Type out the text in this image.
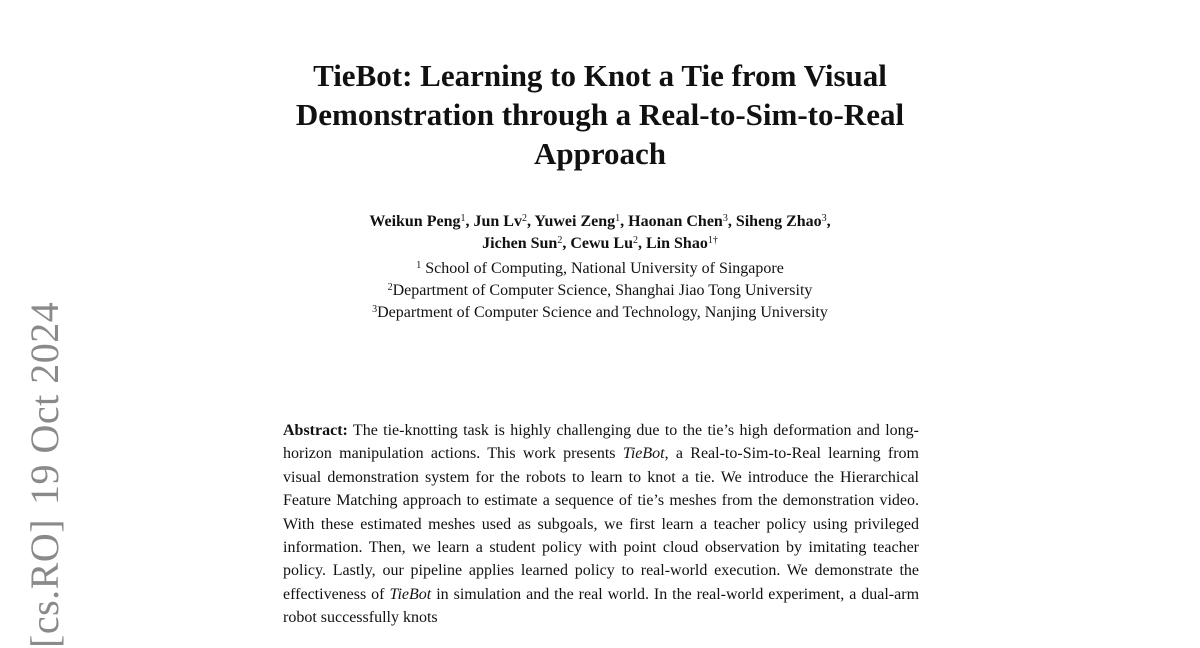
[cs.RO]19 Oct 2024
TieBot: Learning to Knot a Tie from Visual Demonstration through a Real-to-Sim-to-Real Approach
Weikun Peng$^1$, Jun Lv$^2$, Yuwei Zeng$^1$, Haonan Chen$^3$, Siheng Zhao$^3$,
Jichen Sun$^2$, Cewu Lu$^2$, Lin Shao$^{1\dagger}$
$^1$ School of Computing, National University of Singapore
$^2$Department of Computer Science, Shanghai Jiao Tong University
$^3$Department of Computer Science and Technology, Nanjing University

Abstract: The tie-knotting task is highly challenging due to the tie’s high deformation and long-horizon manipulation actions. This work presents TieBot, a Real-to-Sim-to-Real learning from visual demonstration system for the robots to learn to knot a tie. We introduce the Hierarchical Feature Matching approach to estimate a sequence of tie’s meshes from the demonstration video. With these estimated meshes used as subgoals, we first learn a teacher policy using privileged information. Then, we learn a student policy with point cloud observation by imitating teacher policy. Lastly, our pipeline applies learned policy to real-world execution. We demonstrate the effectiveness of TieBot in simulation and the real world. In the real-world experiment, a dual-arm robot successfully knots
